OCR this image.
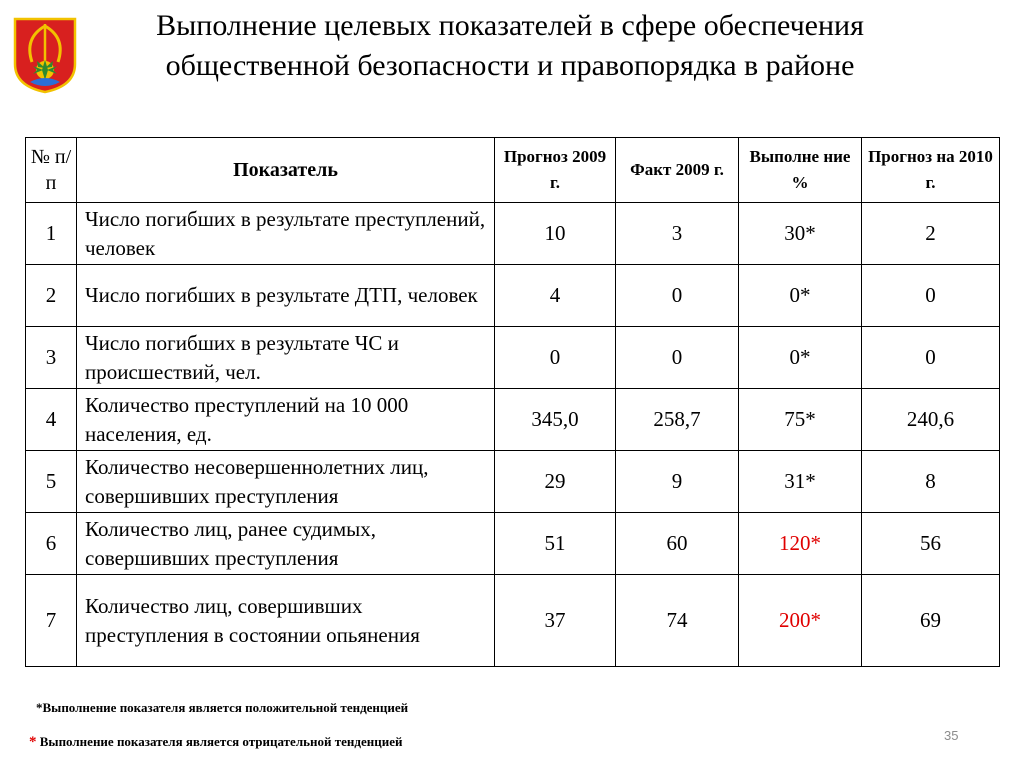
Выполнение целевых показателей в сфере обеспечения
общественной безопасности и правопорядка в районе
№ п/п	Показатель	Прогноз 2009 г.	Факт 2009 г.	Выполне ние %	Прогноз на 2010 г.
1	Число погибших в результате преступлений, человек	10	3	30*	2
2	Число погибших в результате ДТП, человек	4	0	0*	0
3	Число погибших в результате ЧС и происшествий, чел.	0	0	0*	0
4	Количество преступлений на 10 000 населения, ед.	345,0	258,7	75*	240,6
5	Количество несовершеннолетних лиц, совершивших преступления	29	9	31*	8
6	Количество лиц, ранее судимых, совершивших преступления	51	60	120*	56
7	Количество лиц, совершивших преступления в состоянии опьянения	37	74	200*	69
*Выполнение показателя является положительной тенденцией
* Выполнение показателя является отрицательной тенденцией	35
